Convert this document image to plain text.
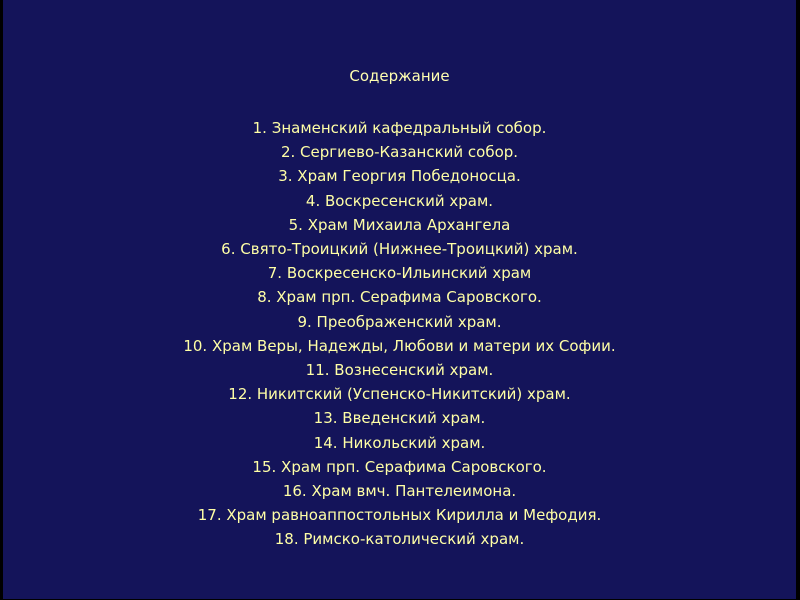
Содержание
1. Знаменский кафедральный собор.
2. Сергиево-Казанский собор.
3. Храм Георгия Победоносца.
4. Воскресенский храм.
5. Храм Михаила Архангела
6. Свято-Троицкий (Нижнее-Троицкий) храм.
7. Воскресенско-Ильинский храм
8. Храм прп. Серафима Саровского.
9. Преображенский храм.
10. Храм Веры, Надежды, Любови и матери их Софии.
11. Вознесенский храм.
12. Никитский (Успенско-Никитский) храм.
13. Введенский храм.
14. Никольский храм.
15. Храм прп. Серафима Саровского.
16. Храм вмч. Пантелеимона.
17. Храм равноаппостольных Кирилла и Мефодия.
18. Римско-католический храм.
